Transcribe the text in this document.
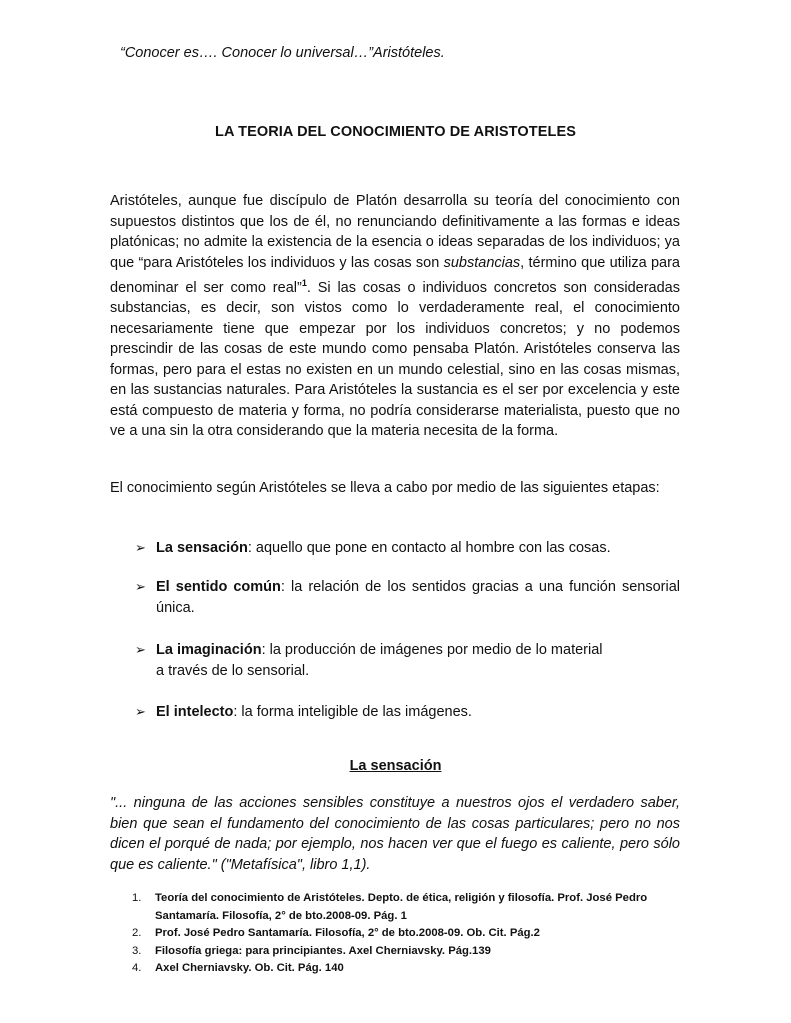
“Conocer es…. Conocer lo universal…”Aristóteles.
LA TEORIA DEL CONOCIMIENTO DE ARISTOTELES

Aristóteles, aunque fue discípulo de Platón desarrolla su teoría del conocimiento con supuestos distintos que los de él, no renunciando definitivamente a las formas e ideas platónicas; no admite la existencia de la esencia o ideas separadas de los individuos; ya que “para Aristóteles los individuos y las cosas son substancias, término que utiliza para denominar el ser como real”$^1$. Si las cosas o individuos concretos son consideradas substancias, es decir, son vistos como lo verdaderamente real, el conocimiento necesariamente tiene que empezar por los individuos concretos; y no podemos prescindir de las cosas de este mundo como pensaba Platón. Aristóteles conserva las formas, pero para el estas no existen en un mundo celestial, sino en las cosas mismas, en las sustancias naturales. Para Aristóteles la sustancia es el ser por excelencia y este está compuesto de materia y forma, no podría considerarse materialista, puesto que no ve a una sin la otra considerando que la materia necesita de la forma.

El conocimiento según Aristóteles se lleva a cabo por medio de las siguientes etapas:

➢ La sensación: aquello que pone en contacto al hombre con las cosas.
➢ El sentido común: la relación de los sentidos gracias a una función sensorial única.
➢ La imaginación: la producción de imágenes por medio de lo material
a través de lo sensorial.
➢ El intelecto: la forma inteligible de las imágenes.
La sensación

"... ninguna de las acciones sensibles constituye a nuestros ojos el verdadero saber, bien que sean el fundamento del conocimiento de las cosas particulares; pero no nos dicen el porqué de nada; por ejemplo, nos hacen ver que el fuego es caliente, pero sólo que es caliente." ("Metafísica", libro 1,1).

1. Teoría del conocimiento de Aristóteles. Depto. de ética, religión y filosofía. Prof. José Pedro Santamaría. Filosofía, 2° de bto.2008-09. Pág. 1
2. Prof. José Pedro Santamaría. Filosofía, 2° de bto.2008-09. Ob. Cit. Pág.2
3. Filosofía griega: para principiantes. Axel Cherniavsky. Pág.139
4. Axel Cherniavsky. Ob. Cit. Pág. 140
